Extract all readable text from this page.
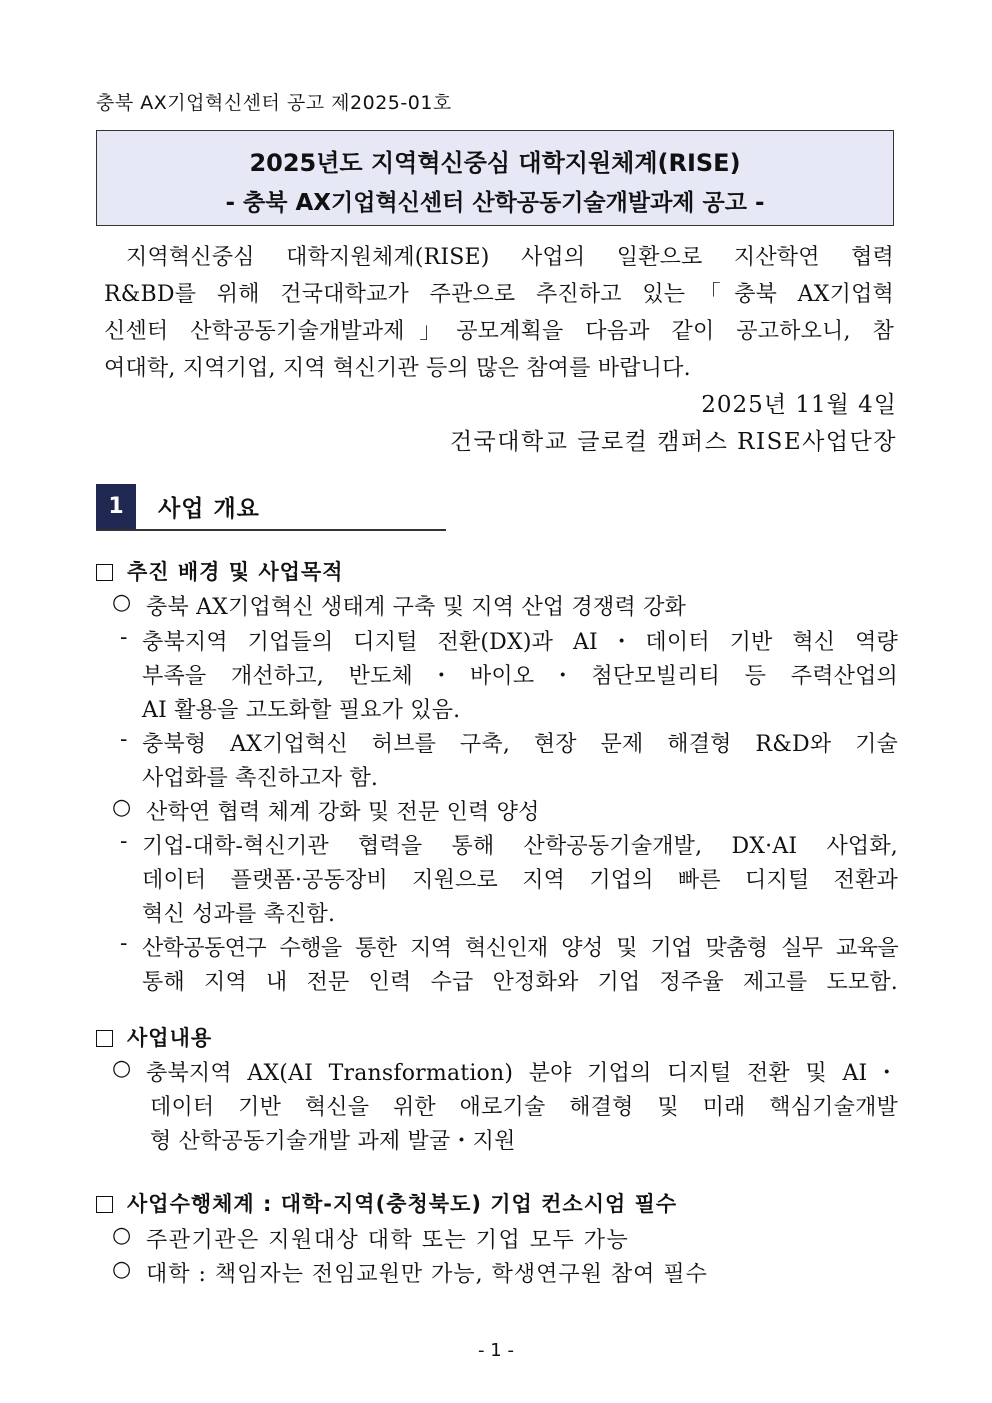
충북 AX기업혁신센터 공고 제2025-01호
2025년도 지역혁신중심 대학지원체계(RISE)
- 충북 AX기업혁신센터 산학공동기술개발과제 공고 -
지역혁신중심 대학지원체계(RISE) 사업의 일환으로 지산학연 협력
R&BD를 위해 건국대학교가 주관으로 추진하고 있는「충북 AX기업혁
신센터 산학공동기술개발과제」공모계획을 다음과 같이 공고하오니, 참
여대학, 지역기업, 지역 혁신기관 등의 많은 참여를 바랍니다.
2025년 11월 4일
건국대학교 글로컬 캠퍼스 RISE사업단장
1	사업 개요
추진 배경 및 사업목적
○ 충북 AX기업혁신 생태계 구축 및 지역 산업 경쟁력 강화
- 충북지역 기업들의 디지털 전환(DX)과 AI・데이터 기반 혁신 역량
부족을 개선하고, 반도체・바이오・첨단모빌리티 등 주력산업의
AI 활용을 고도화할 필요가 있음.
- 충북형 AX기업혁신 허브를 구축, 현장 문제 해결형 R&D와 기술
사업화를 촉진하고자 함.
○ 산학연 협력 체계 강화 및 전문 인력 양성
- 기업-대학-혁신기관 협력을 통해 산학공동기술개발, DX·AI 사업화,
데이터 플랫폼·공동장비 지원으로 지역 기업의 빠른 디지털 전환과
혁신 성과를 촉진함.
- 산학공동연구 수행을 통한 지역 혁신인재 양성 및 기업 맞춤형 실무 교육을
통해 지역 내 전문 인력 수급 안정화와 기업 정주율 제고를 도모함.
사업내용
○ 충북지역 AX(AI Transformation) 분야 기업의 디지털 전환 및 AI・
데이터 기반 혁신을 위한 애로기술 해결형 및 미래 핵심기술개발
형 산학공동기술개발 과제 발굴・지원
사업수행체계 : 대학-지역(충청북도) 기업 컨소시엄 필수
○ 주관기관은 지원대상 대학 또는 기업 모두 가능
○ 대학 : 책임자는 전임교원만 가능, 학생연구원 참여 필수
- 1 -
